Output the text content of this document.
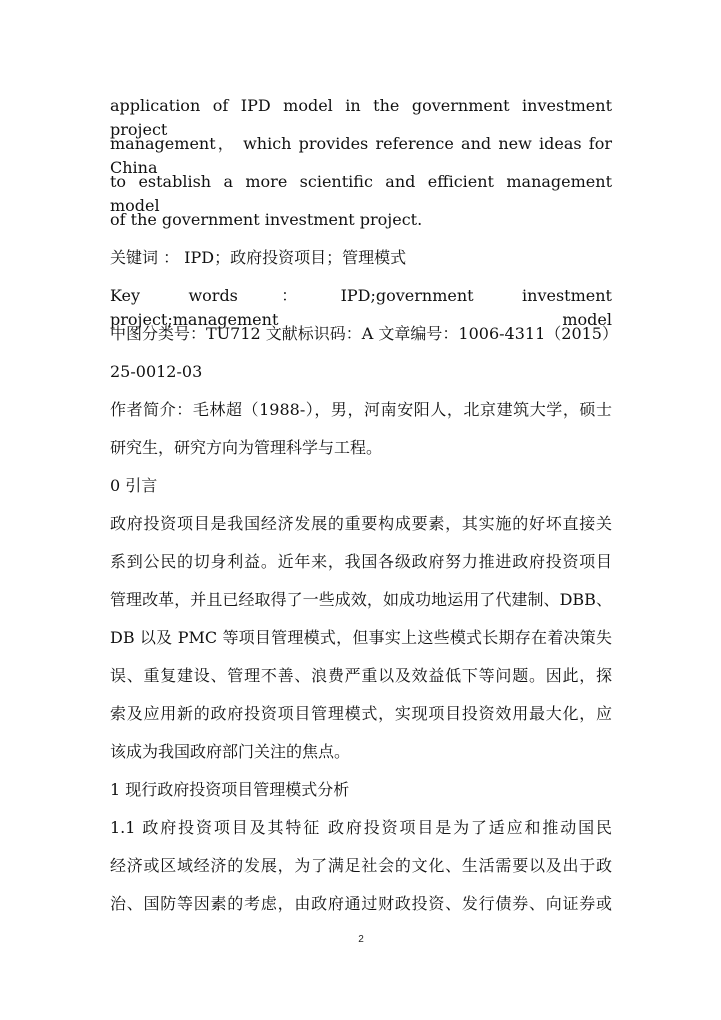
application of IPD model in the government investment project
management， which provides reference and new ideas for China
to establish a more scientific and efficient management model
of the government investment project.
关键词 ： IPD；政府投资项目；管理模式
Key words：IPD;government investment project;management model
中图分类号：TU712 文献标识码：A 文章编号：1006-4311（2015）
25-0012-03
作者简介：毛林超（1988-），男，河南安阳人，北京建筑大学，硕士
研究生，研究方向为管理科学与工程。
0 引言
政府投资项目是我国经济发展的重要构成要素，其实施的好坏直接关
系到公民的切身利益。近年来，我国各级政府努力推进政府投资项目
管理改革，并且已经取得了一些成效，如成功地运用了代建制、DBB、
DB 以及 PMC 等项目管理模式，但事实上这些模式长期存在着决策失
误、重复建设、管理不善、浪费严重以及效益低下等问题。因此，探
索及应用新的政府投资项目管理模式，实现项目投资效用最大化，应
该成为我国政府部门关注的焦点。
1 现行政府投资项目管理模式分析
1.1 政府投资项目及其特征 政府投资项目是为了适应和推动国民
经济或区域经济的发展，为了满足社会的文化、生活需要以及出于政
治、国防等因素的考虑，由政府通过财政投资、发行债券、向证券或
2
